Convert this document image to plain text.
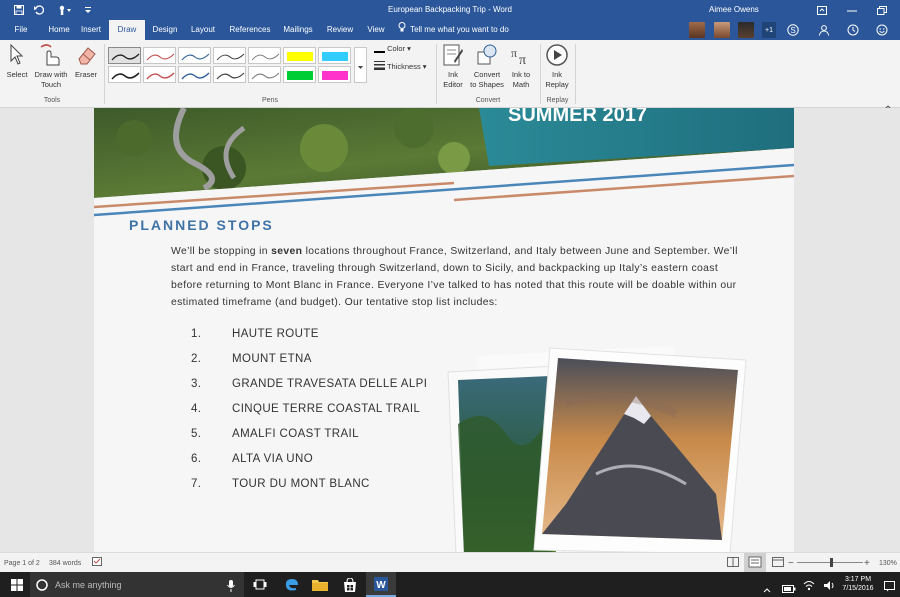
European Backpacking Trip - Word	Aimee Owens
File	Home	Insert	Draw	Design	Layout	References	Mailings	Review	View	Tell me what you want to do	+1	S
Select Draw with
Touch
Eraser
Tools
Color ▾
Thickness ▾
Pens
Ink
Editor
Convert
to Shapes
π π
Ink to
Math
Convert
Ink
Replay
Replay
SUMMER 2017
PLANNED STOPS
We’ll be stopping in seven locations throughout France, Switzerland, and Italy between June and September. We’ll start and end in France, traveling through Switzerland, down to Sicily, and backpacking up Italy’s eastern coast before returning to Mont Blanc in France. Everyone I’ve talked to has noted that this route will be doable within our estimated timeframe (and budget). Our tentative stop list includes:
1.	HAUTE ROUTE
2.	MOUNT ETNA
3.	GRANDE TRAVESATA DELLE ALPI
4.	CINQUE TERRE COASTAL TRAIL
5.	AMALFI COAST TRAIL
6.	ALTA VIA UNO
7.	TOUR DU MONT BLANC
Page 1 of 2 384 words	−	+ 130%
Ask me anything	W	3:17 PM
7/15/2016
